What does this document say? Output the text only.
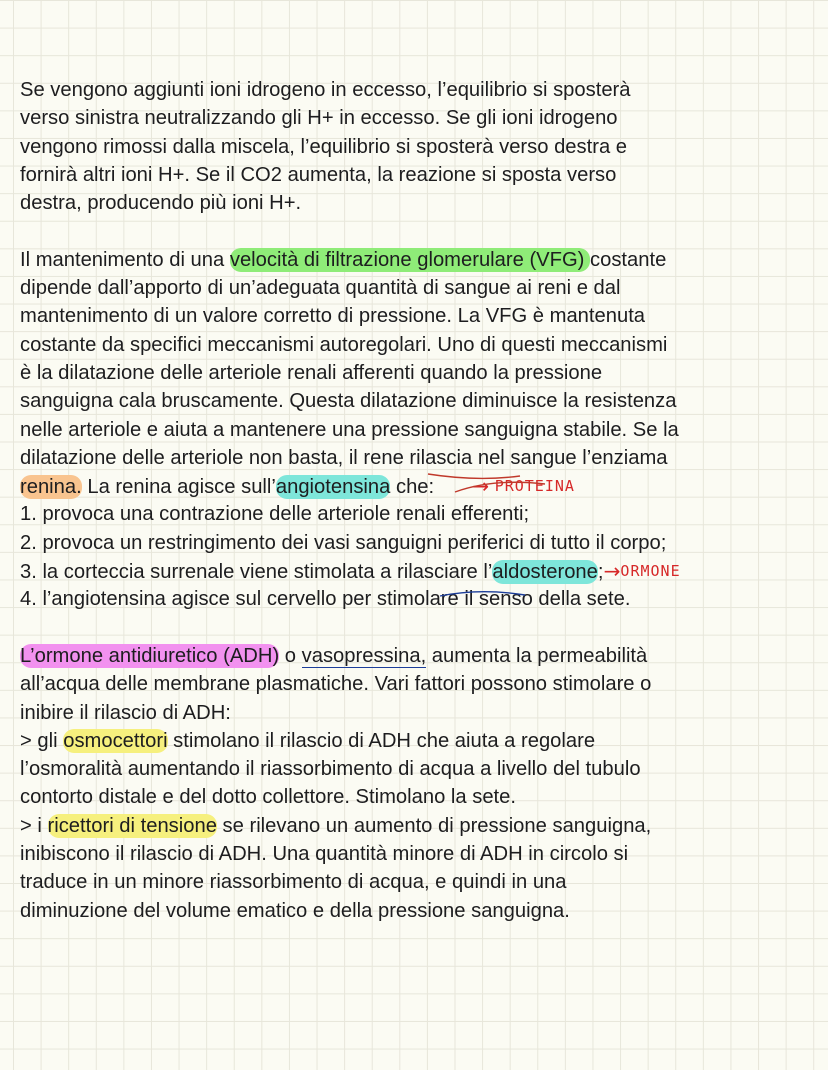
Se vengono aggiunti ioni idrogeno in eccesso, l’equilibrio si sposterà
verso sinistra neutralizzando gli H+ in eccesso. Se gli ioni idrogeno
vengono rimossi dalla miscela, l’equilibrio si sposterà verso destra e
fornirà altri ioni H+. Se il CO2 aumenta, la reazione si sposta verso
destra, producendo più ioni H+.

Il mantenimento di una velocità di filtrazione glomerulare (VFG) costante
dipende dall’apporto di un’adeguata quantità di sangue ai reni e dal
mantenimento di un valore corretto di pressione. La VFG è mantenuta
costante da specifici meccanismi autoregolari. Uno di questi meccanismi
è la dilatazione delle arteriole renali afferenti quando la pressione
sanguigna cala bruscamente. Questa dilatazione diminuisce la resistenza
nelle arteriole e aiuta a mantenere una pressione sanguigna stabile. Se la
dilatazione delle arteriole non basta, il rene rilascia nel sangue l’enziama
renina. La renina agisce sull’angiotensina che: → PROTEINA
1. provoca una contrazione delle arteriole renali efferenti;
2. provoca un restringimento dei vasi sanguigni periferici di tutto il corpo;
3. la corteccia surrenale viene stimolata a rilasciare l’aldosterone;→ORMONE
4. l’angiotensina agisce sul cervello per stimolare il senso della sete.

L’ormone antidiuretico (ADH) o vasopressina, aumenta la permeabilità
all’acqua delle membrane plasmatiche. Vari fattori possono stimolare o
inibire il rilascio di ADH:
> gli osmocettori stimolano il rilascio di ADH che aiuta a regolare
l’osmoralità aumentando il riassorbimento di acqua a livello del tubulo
contorto distale e del dotto collettore. Stimolano la sete.
> i ricettori di tensione se rilevano un aumento di pressione sanguigna,
inibiscono il rilascio di ADH. Una quantità minore di ADH in circolo si
traduce in un minore riassorbimento di acqua, e quindi in una
diminuzione del volume ematico e della pressione sanguigna.
